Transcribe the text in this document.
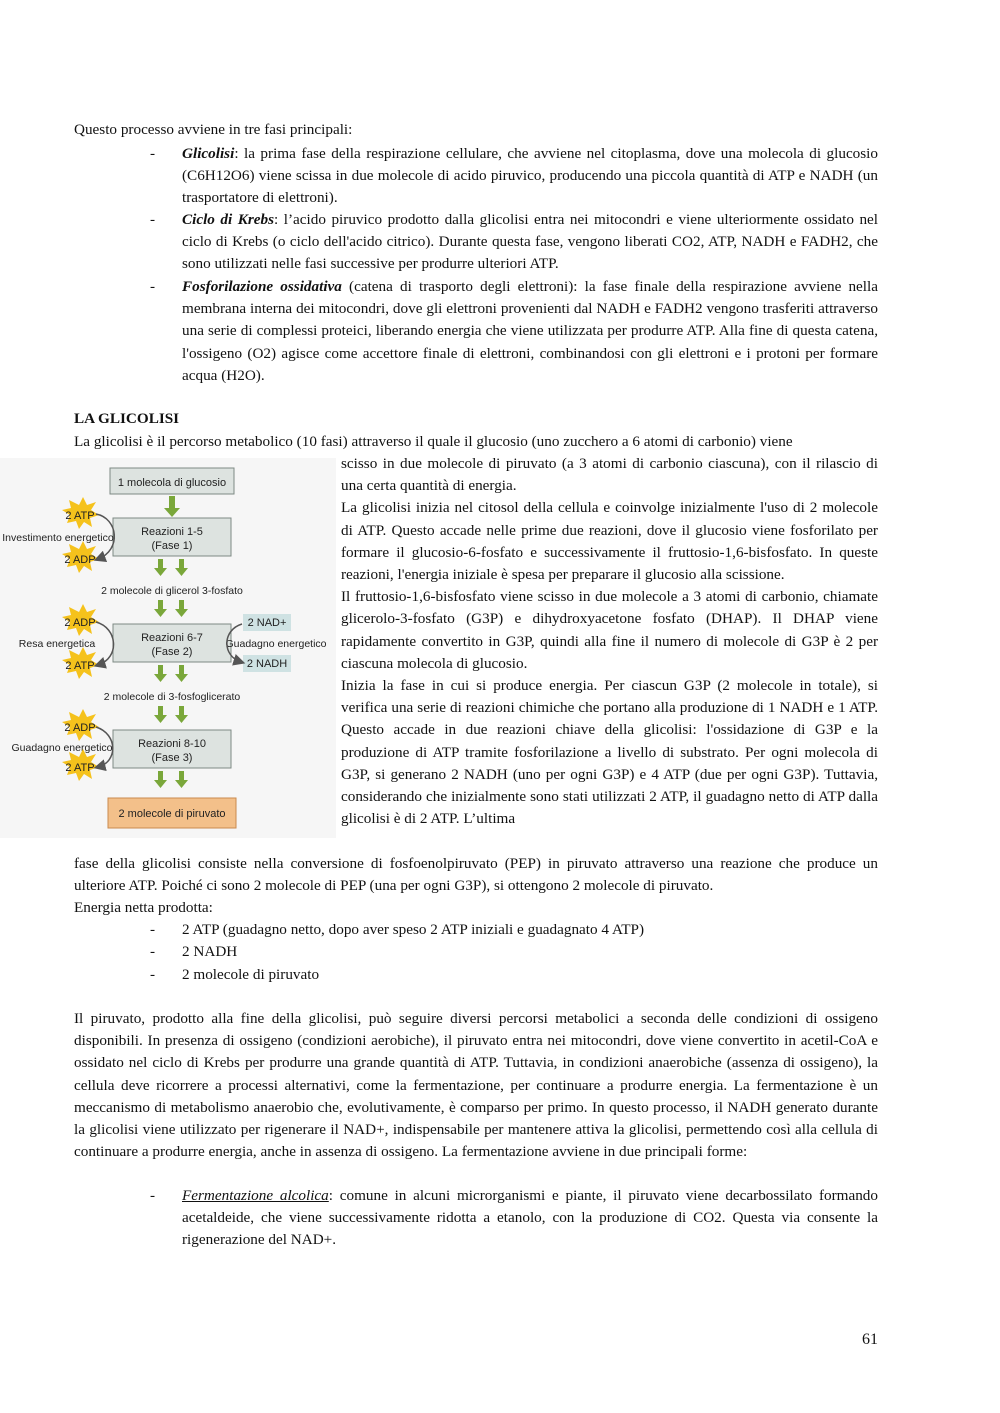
Questo processo avviene in tre fasi principali:

- Glicolisi: la prima fase della respirazione cellulare, che avviene nel citoplasma, dove una molecola di glucosio (C6H12O6) viene scissa in due molecole di acido piruvico, producendo una piccola quantità di ATP e NADH (un trasportatore di elettroni).

- Ciclo di Krebs: l’acido piruvico prodotto dalla glicolisi entra nei mitocondri e viene ulteriormente ossidato nel ciclo di Krebs (o ciclo dell'acido citrico). Durante questa fase, vengono liberati CO2, ATP, NADH e FADH2, che sono utilizzati nelle fasi successive per produrre ulteriori ATP.

- Fosforilazione ossidativa (catena di trasporto degli elettroni): la fase finale della respirazione avviene nella membrana interna dei mitocondri, dove gli elettroni provenienti dal NADH e FADH2 vengono trasferiti attraverso una serie di complessi proteici, liberando energia che viene utilizzata per produrre ATP. Alla fine di questa catena, l'ossigeno (O2) agisce come accettore finale di elettroni, combinandosi con gli elettroni e i protoni per formare acqua (H2O).

LA GLICOLISI

La glicolisi è il percorso metabolico (10 fasi) attraverso il quale il glucosio (uno zucchero a 6 atomi di carbonio) viene

scisso in due molecole di piruvato (a 3 atomi di carbonio ciascuna), con il rilascio di una certa quantità di energia.

La glicolisi inizia nel citosol della cellula e coinvolge inizialmente l'uso di 2 molecole di ATP. Questo accade nelle prime due reazioni, dove il glucosio viene fosforilato per formare il glucosio-6-fosfato e successivamente il fruttosio-1,6-bisfosfato. In queste reazioni, l'energia iniziale è spesa per preparare il glucosio alla scissione.

Il fruttosio-1,6-bisfosfato viene scisso in due molecole a 3 atomi di carbonio, chiamate glicerolo-3-fosfato (G3P) e dihydroxyacetone fosfato (DHAP). Il DHAP viene rapidamente convertito in G3P, quindi alla fine il numero di molecole di G3P è 2 per ciascuna molecola di glucosio.

Inizia la fase in cui si produce energia. Per ciascun G3P (2 molecole in totale), si verifica una serie di reazioni chimiche che portano alla produzione di 1 NADH e 1 ATP. Questo accade in due reazioni chiave della glicolisi: l'ossidazione di G3P e la produzione di ATP tramite fosforilazione a livello di substrato. Per ogni molecola di G3P, si generano 2 NADH (uno per ogni G3P) e 4 ATP (due per ogni G3P). Tuttavia, considerando che inizialmente sono stati utilizzati 2 ATP, il guadagno netto di ATP dalla glicolisi è di 2 ATP. L’ultima

fase della glicolisi consiste nella conversione di fosfoenolpiruvato (PEP) in piruvato attraverso una reazione che produce un ulteriore ATP. Poiché ci sono 2 molecole di PEP (una per ogni G3P), si ottengono 2 molecole di piruvato.

Energia netta prodotta:

- 2 ATP (guadagno netto, dopo aver speso 2 ATP iniziali e guadagnato 4 ATP)

- 2 NADH

- 2 molecole di piruvato

Il piruvato, prodotto alla fine della glicolisi, può seguire diversi percorsi metabolici a seconda delle condizioni di ossigeno disponibili. In presenza di ossigeno (condizioni aerobiche), il piruvato entra nei mitocondri, dove viene convertito in acetil-CoA e ossidato nel ciclo di Krebs per produrre una grande quantità di ATP. Tuttavia, in condizioni anaerobiche (assenza di ossigeno), la cellula deve ricorrere a processi alternativi, come la fermentazione, per continuare a produrre energia. La fermentazione è un meccanismo di metabolismo anaerobio che, evolutivamente, è comparso per primo. In questo processo, il NADH generato durante la glicolisi viene utilizzato per rigenerare il NAD+, indispensabile per mantenere attiva la glicolisi, permettendo così alla cellula di continuare a produrre energia, anche in assenza di ossigeno. La fermentazione avviene in due principali forme:

- Fermentazione alcolica: comune in alcuni microrganismi e piante, il piruvato viene decarbossilato formando acetaldeide, che viene successivamente ridotta a etanolo, con la produzione di CO2. Questa via consente la rigenerazione del NAD+.

61
1 molecola di glucosio
Reazioni 1-5
(Fase 1)
2 ATP
Investimento energetico
2 ADP
2 molecole di glicerol 3-fosfato
Reazioni 6-7
(Fase 2)
2 ADP
Resa energetica
2 ATP
2 NAD+
Guadagno energetico
2 NADH
2 molecole di 3-fosfoglicerato
Reazioni 8-10
(Fase 3)
2 ADP
Guadagno energetico
2 ATP
2 molecole di piruvato
